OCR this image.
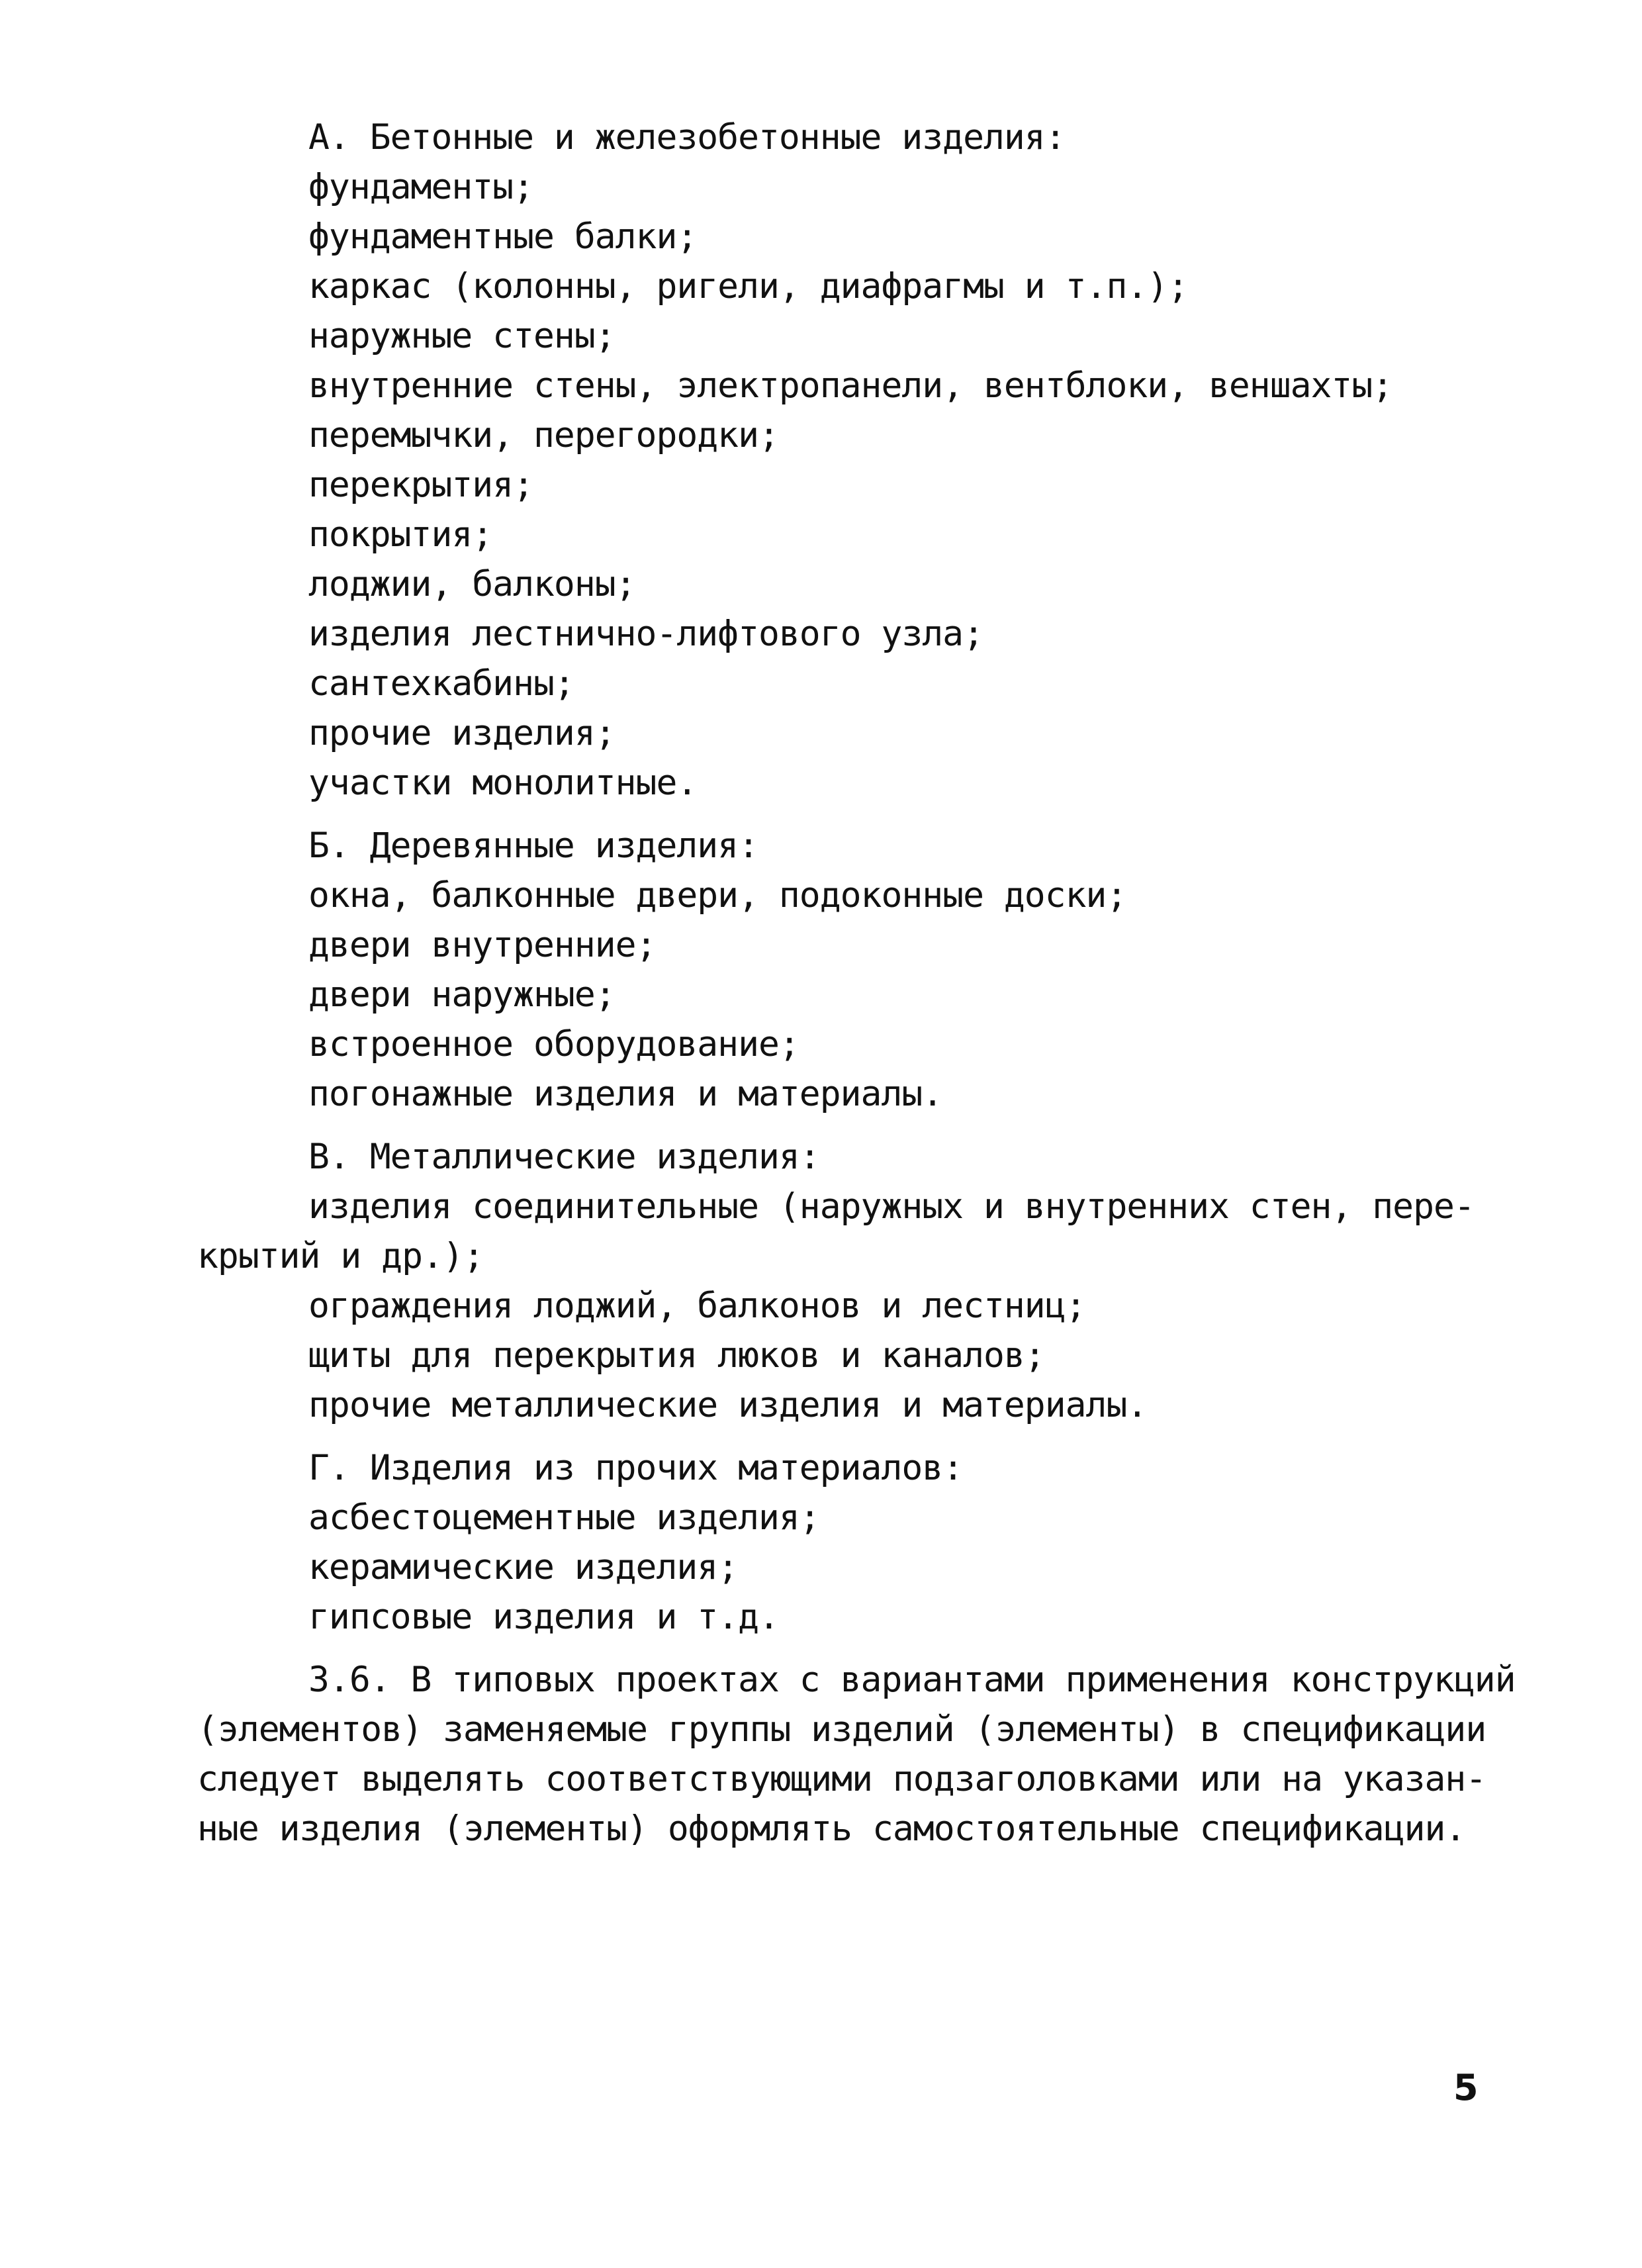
А. Бетонные и железобетонные изделия:
фундаменты;
фундаментные балки;
каркас (колонны, ригели, диафрагмы и т.п.);
наружные стены;
внутренние стены, электропанели, вентблоки, веншахты;
перемычки, перегородки;
перекрытия;
покрытия;
лоджии, балконы;
изделия лестнично-лифтового узла;
сантехкабины;
прочие изделия;
участки монолитные.
Б. Деревянные изделия:
окна, балконные двери, подоконные доски;
двери внутренние;
двери наружные;
встроенное оборудование;
погонажные изделия и материалы.
В. Металлические изделия:
изделия соединительные (наружных и внутренних стен, пере-
крытий и др.);
ограждения лоджий, балконов и лестниц;
щиты для перекрытия люков и каналов;
прочие металлические изделия и материалы.
Г. Изделия из прочих материалов:
асбестоцементные изделия;
керамические изделия;
гипсовые изделия и т.д.
3.6. В типовых проектах с вариантами применения конструкций
(элементов) заменяемые группы изделий (элементы) в спецификации
следует выделять соответствующими подзаголовками или на указан-
ные изделия (элементы) оформлять самостоятельные спецификации.
5
